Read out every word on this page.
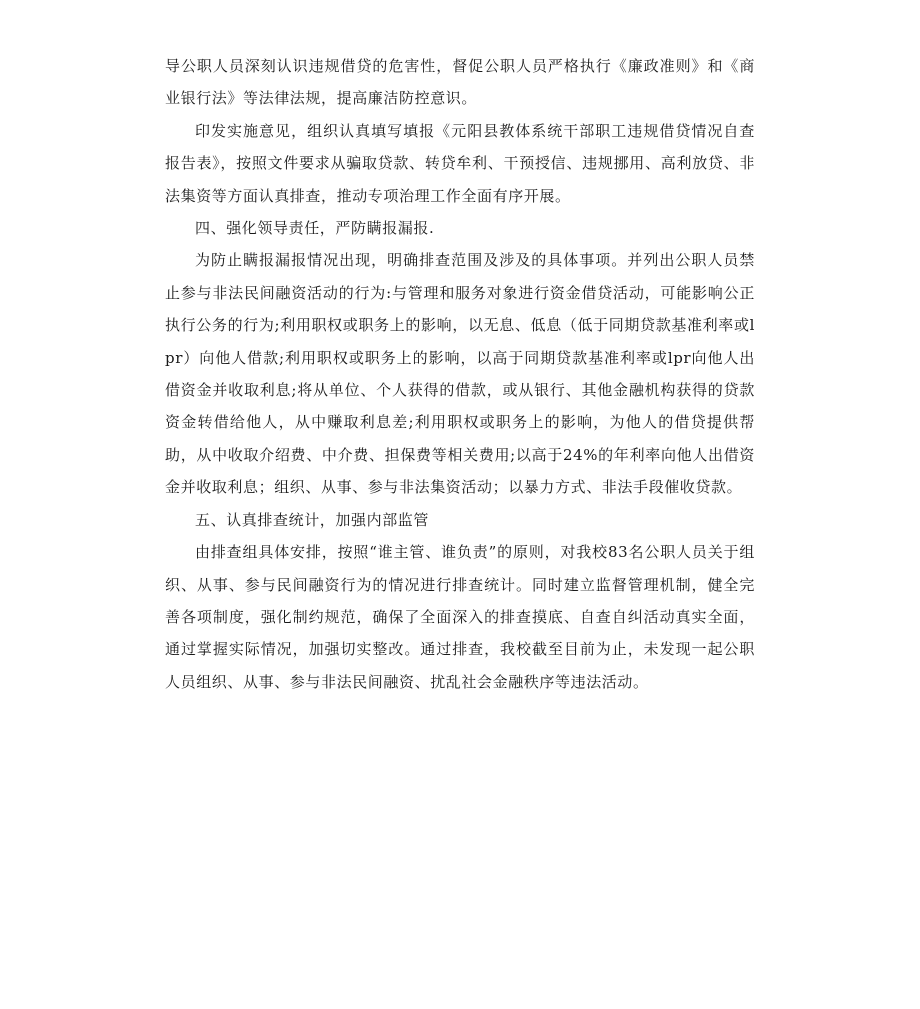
导公职人员深刻认识违规借贷的危害性，督促公职人员严格执行《廉政准则》和《商业银行法》等法律法规，提高廉洁防控意识。

印发实施意见，组织认真填写填报《元阳县教体系统干部职工违规借贷情况自查报告表》，按照文件要求从骗取贷款、转贷牟利、干预授信、违规挪用、高利放贷、非法集资等方面认真排查，推动专项治理工作全面有序开展。

四、强化领导责任，严防瞒报漏报.

为防止瞒报漏报情况出现，明确排查范围及涉及的具体事项。并列出公职人员禁止参与非法民间融资活动的行为:与管理和服务对象进行资金借贷活动，可能影响公正执行公务的行为;利用职权或职务上的影响，以无息、低息（低于同期贷款基准利率或lpr）向他人借款;利用职权或职务上的影响，以高于同期贷款基准利率或lpr向他人出借资金并收取利息;将从单位、个人获得的借款，或从银行、其他金融机构获得的贷款资金转借给他人，从中赚取利息差;利用职权或职务上的影响，为他人的借贷提供帮助，从中收取介绍费、中介费、担保费等相关费用;以高于24%的年利率向他人出借资金并收取利息；组织、从事、参与非法集资活动；以暴力方式、非法手段催收贷款。

五、认真排查统计，加强内部监管

由排查组具体安排，按照“谁主管、谁负责”的原则，对我校83名公职人员关于组织、从事、参与民间融资行为的情况进行排查统计。同时建立监督管理机制，健全完善各项制度，强化制约规范，确保了全面深入的排查摸底、自查自纠活动真实全面，通过掌握实际情况，加强切实整改。通过排查，我校截至目前为止，未发现一起公职人员组织、从事、参与非法民间融资、扰乱社会金融秩序等违法活动。
